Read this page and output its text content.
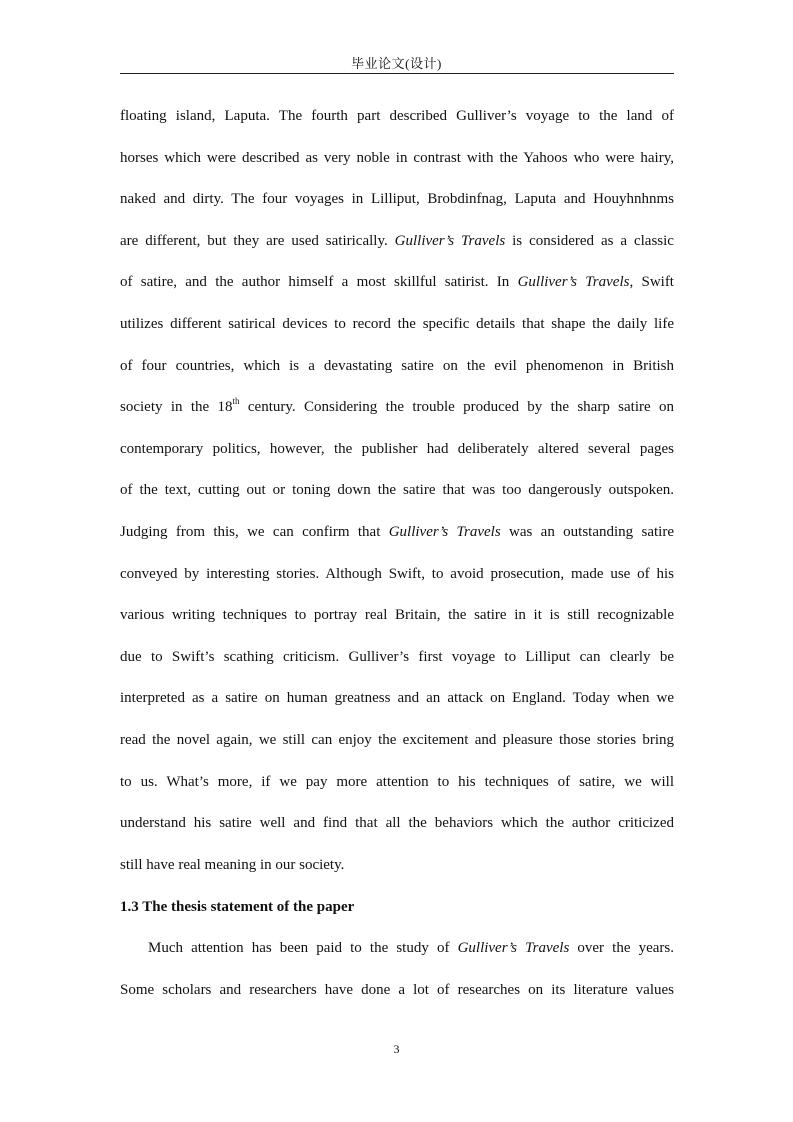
毕业论文(设计)
floating island, Laputa. The fourth part described Gulliver’s voyage to the land of
horses which were described as very noble in contrast with the Yahoos who were hairy,
naked and dirty. The four voyages in Lilliput, Brobdinfnag, Laputa and Houyhnhnms
are different, but they are used satirically. Gulliver’s Travels is considered as a classic
of satire, and the author himself a most skillful satirist. In Gulliver’s Travels, Swift
utilizes different satirical devices to record the specific details that shape the daily life
of four countries, which is a devastating satire on the evil phenomenon in British
society in the 18th century. Considering the trouble produced by the sharp satire on
contemporary politics, however, the publisher had deliberately altered several pages
of the text, cutting out or toning down the satire that was too dangerously outspoken.
Judging from this, we can confirm that Gulliver’s Travels was an outstanding satire
conveyed by interesting stories. Although Swift, to avoid prosecution, made use of his
various writing techniques to portray real Britain, the satire in it is still recognizable
due to Swift’s scathing criticism. Gulliver’s first voyage to Lilliput can clearly be
interpreted as a satire on human greatness and an attack on England. Today when we
read the novel again, we still can enjoy the excitement and pleasure those stories bring
to us. What’s more, if we pay more attention to his techniques of satire, we will
understand his satire well and find that all the behaviors which the author criticized
still have real meaning in our society.
1.3 The thesis statement of the paper
Much attention has been paid to the study of Gulliver’s Travels over the years.
Some scholars and researchers have done a lot of researches on its literature values
3
